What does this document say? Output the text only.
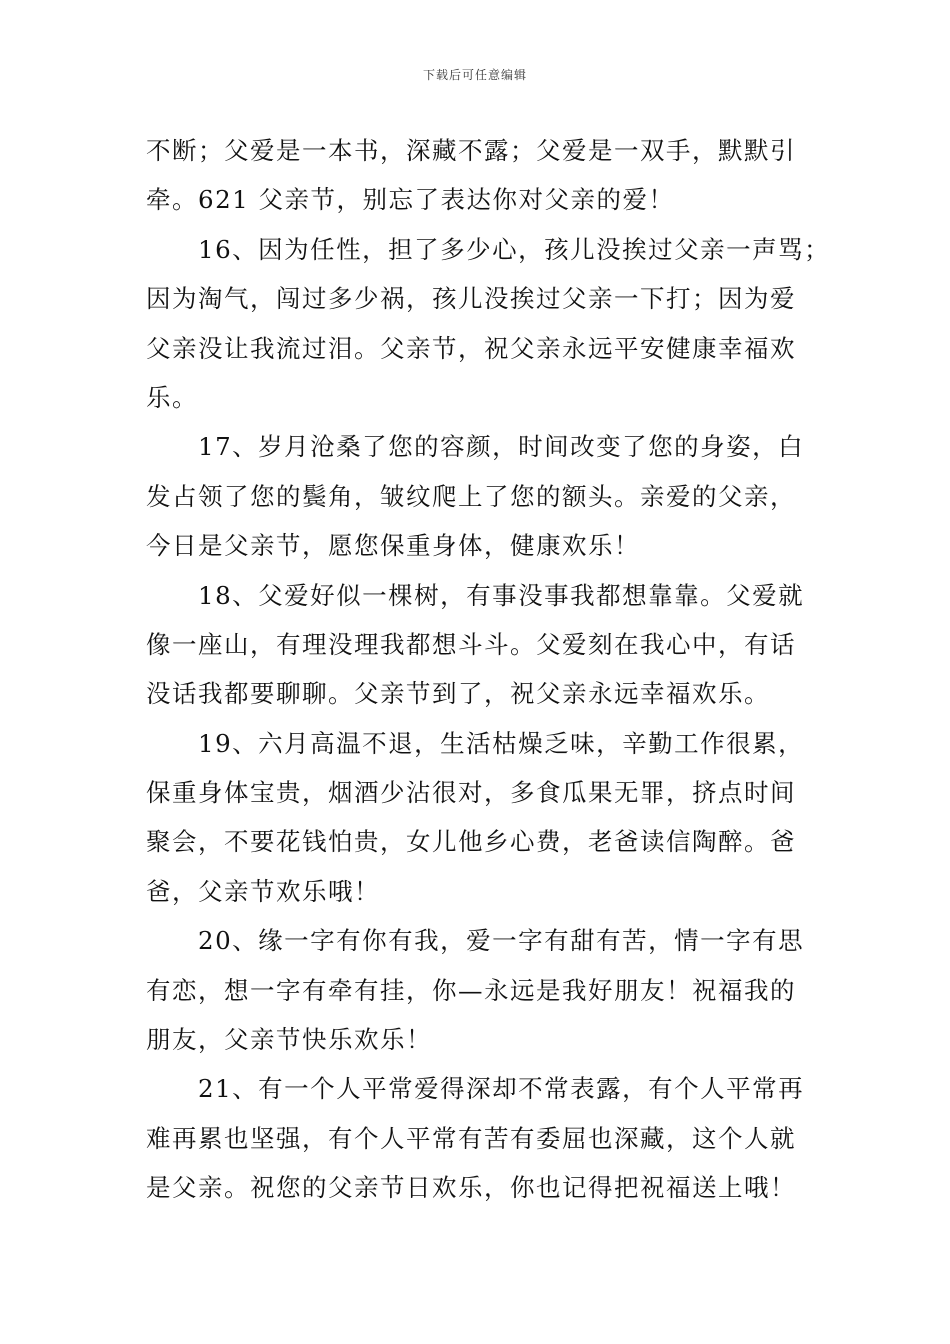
下载后可任意编辑
不断；父爱是一本书，深藏不露；父爱是一双手，默默引
牵。621 父亲节，别忘了表达你对父亲的爱！
16、因为任性，担了多少心，孩儿没挨过父亲一声骂；
因为淘气，闯过多少祸，孩儿没挨过父亲一下打；因为爱
父亲没让我流过泪。父亲节，祝父亲永远平安健康幸福欢
乐。
17、岁月沧桑了您的容颜，时间改变了您的身姿，白
发占领了您的鬓角，皱纹爬上了您的额头。亲爱的父亲，
今日是父亲节，愿您保重身体，健康欢乐！
18、父爱好似一棵树，有事没事我都想靠靠。父爱就
像一座山，有理没理我都想斗斗。父爱刻在我心中，有话
没话我都要聊聊。父亲节到了，祝父亲永远幸福欢乐。
19、六月高温不退，生活枯燥乏味，辛勤工作很累，
保重身体宝贵，烟酒少沾很对，多食瓜果无罪，挤点时间
聚会，不要花钱怕贵，女儿他乡心费，老爸读信陶醉。爸
爸，父亲节欢乐哦！
20、缘一字有你有我，爱一字有甜有苦，情一字有思
有恋，想一字有牵有挂，你—永远是我好朋友！祝福我的
朋友，父亲节快乐欢乐！
21、有一个人平常爱得深却不常表露，有个人平常再
难再累也坚强，有个人平常有苦有委屈也深藏，这个人就
是父亲。祝您的父亲节日欢乐，你也记得把祝福送上哦！
